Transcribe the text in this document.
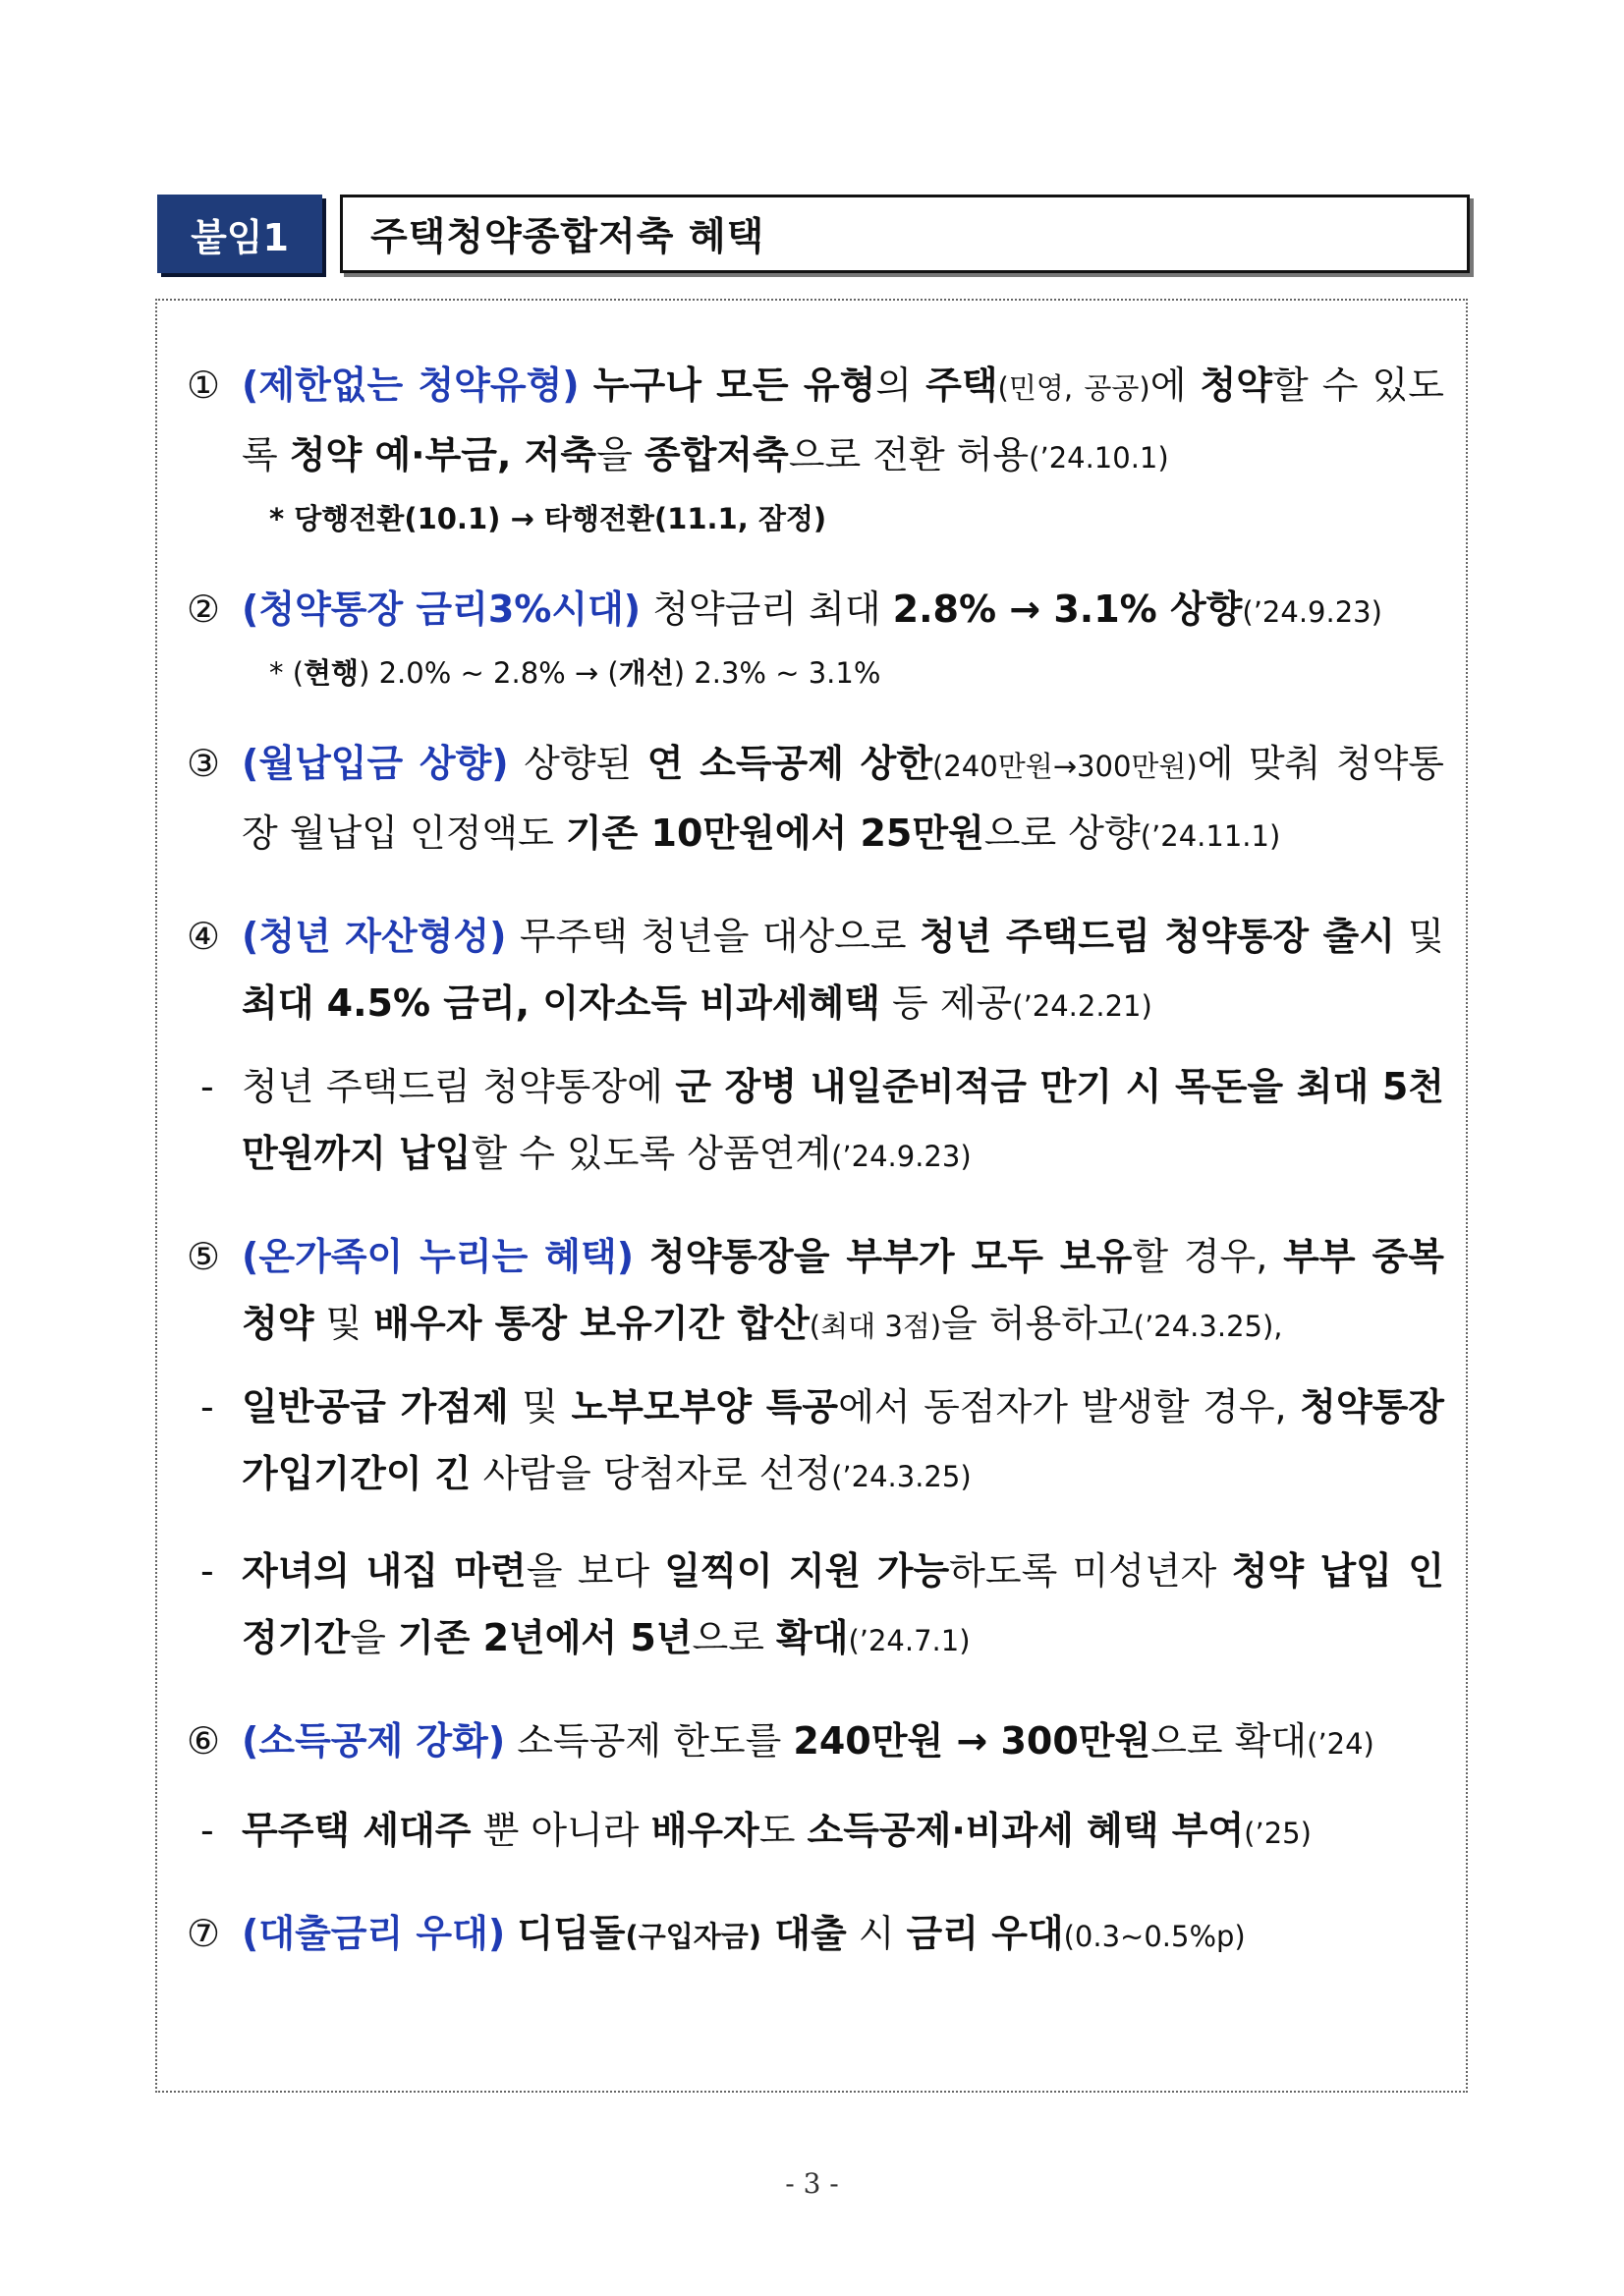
붙임1	주택청약종합저축 혜택
① (제한없는 청약유형) 누구나 모든 유형의 주택(민영, 공공)에 청약할 수 있도록 청약 예·부금, 저축을 종합저축으로 전환 허용(’24.10.1)
* 당행전환(10.1) → 타행전환(11.1, 잠정)
② (청약통장 금리3%시대) 청약금리 최대 2.8% → 3.1% 상향(’24.9.23)
* (현행) 2.0% ~ 2.8% → (개선) 2.3% ~ 3.1%
③ (월납입금 상향) 상향된 연 소득공제 상한(240만원→300만원)에 맞춰 청약통장 월납입 인정액도 기존 10만원에서 25만원으로 상향(’24.11.1)
④ (청년 자산형성) 무주택 청년을 대상으로 청년 주택드림 청약통장 출시 및 최대 4.5% 금리, 이자소득 비과세혜택 등 제공(’24.2.21)
- 청년 주택드림 청약통장에 군 장병 내일준비적금 만기 시 목돈을 최대 5천만원까지 납입할 수 있도록 상품연계(’24.9.23)
⑤ (온가족이 누리는 혜택) 청약통장을 부부가 모두 보유할 경우, 부부 중복청약 및 배우자 통장 보유기간 합산(최대 3점)을 허용하고(’24.3.25),
- 일반공급 가점제 및 노부모부양 특공에서 동점자가 발생할 경우, 청약통장 가입기간이 긴 사람을 당첨자로 선정(’24.3.25)
- 자녀의 내집 마련을 보다 일찍이 지원 가능하도록 미성년자 청약 납입 인정기간을 기존 2년에서 5년으로 확대(’24.7.1)
⑥ (소득공제 강화) 소득공제 한도를 240만원 → 300만원으로 확대(’24)
- 무주택 세대주 뿐 아니라 배우자도 소득공제·비과세 혜택 부여(’25)
⑦ (대출금리 우대) 디딤돌(구입자금) 대출 시 금리 우대(0.3~0.5%p)
- 3 -
